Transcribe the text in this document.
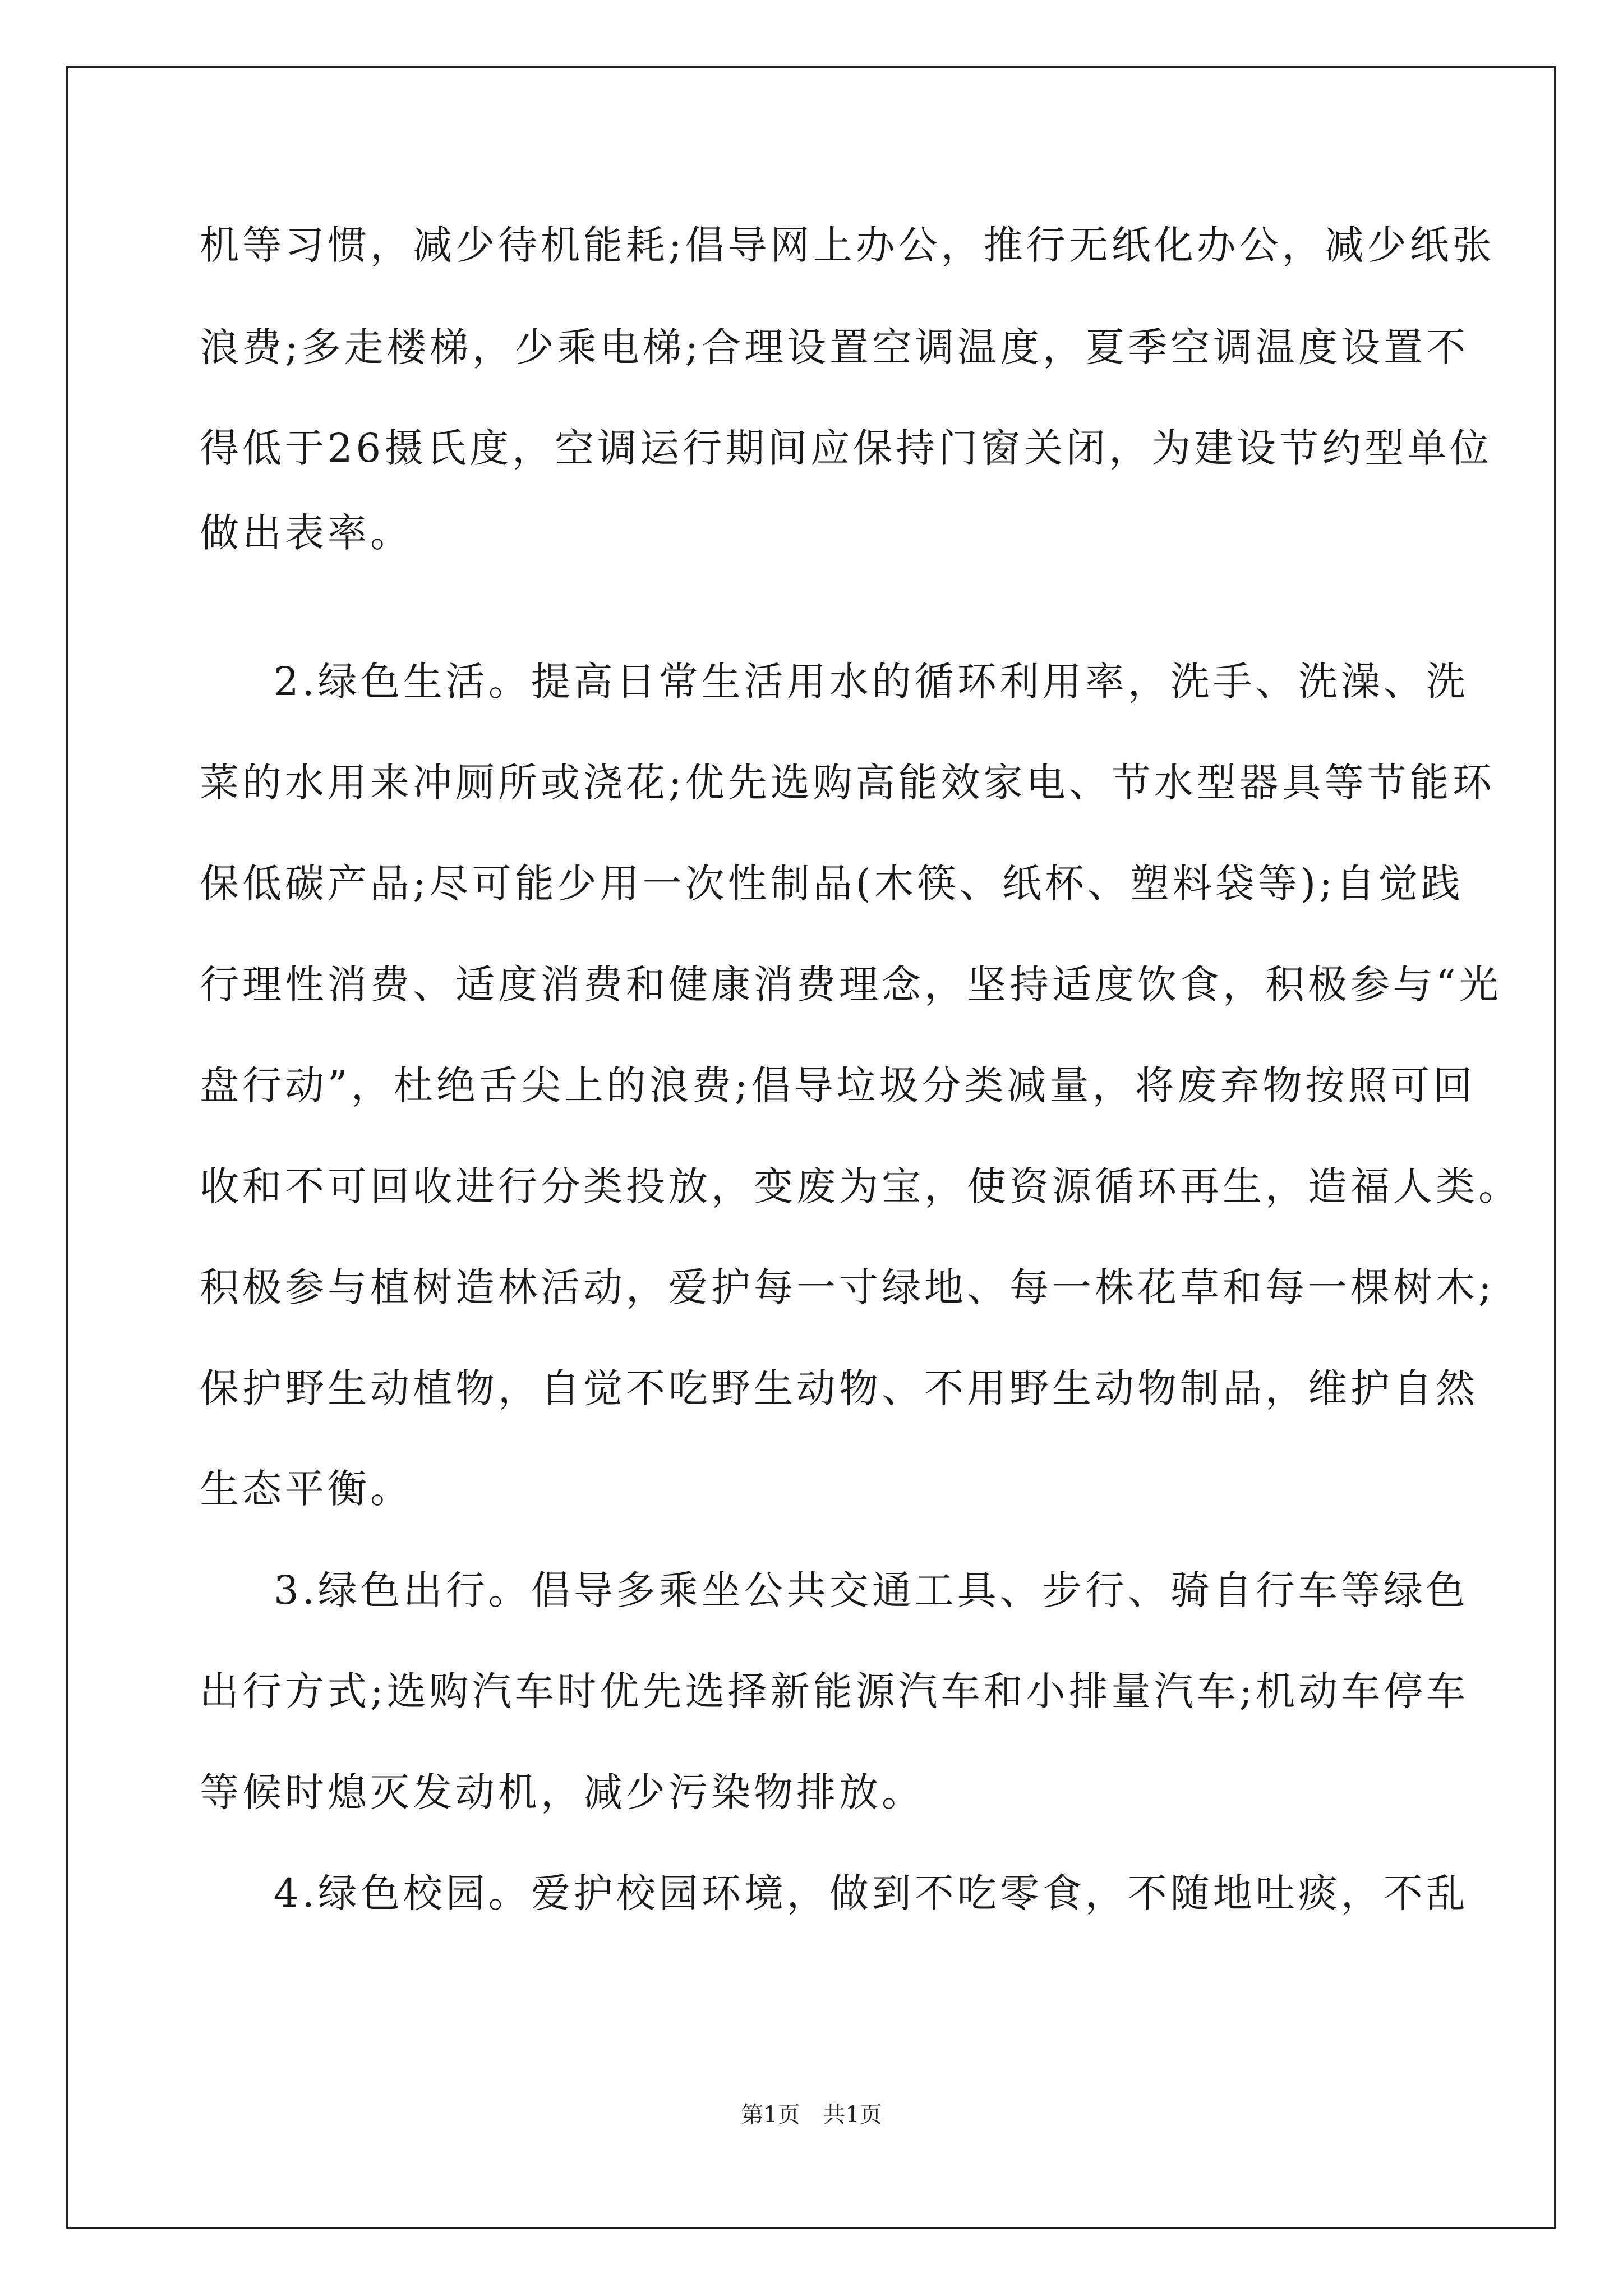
机等习惯，减少待机能耗;倡导网上办公，推行无纸化办公，减少纸张
浪费;多走楼梯，少乘电梯;合理设置空调温度，夏季空调温度设置不
得低于26摄氏度，空调运行期间应保持门窗关闭，为建设节约型单位
做出表率。
2.绿色生活。提高日常生活用水的循环利用率，洗手、洗澡、洗
菜的水用来冲厕所或浇花;优先选购高能效家电、节水型器具等节能环
保低碳产品;尽可能少用一次性制品(木筷、纸杯、塑料袋等);自觉践
行理性消费、适度消费和健康消费理念，坚持适度饮食，积极参与“光
盘行动”，杜绝舌尖上的浪费;倡导垃圾分类减量，将废弃物按照可回
收和不可回收进行分类投放，变废为宝，使资源循环再生，造福人类。
积极参与植树造林活动，爱护每一寸绿地、每一株花草和每一棵树木;
保护野生动植物，自觉不吃野生动物、不用野生动物制品，维护自然
生态平衡。
3.绿色出行。倡导多乘坐公共交通工具、步行、骑自行车等绿色
出行方式;选购汽车时优先选择新能源汽车和小排量汽车;机动车停车
等候时熄灭发动机，减少污染物排放。
4.绿色校园。爱护校园环境，做到不吃零食，不随地吐痰，不乱
第1页 共1页
